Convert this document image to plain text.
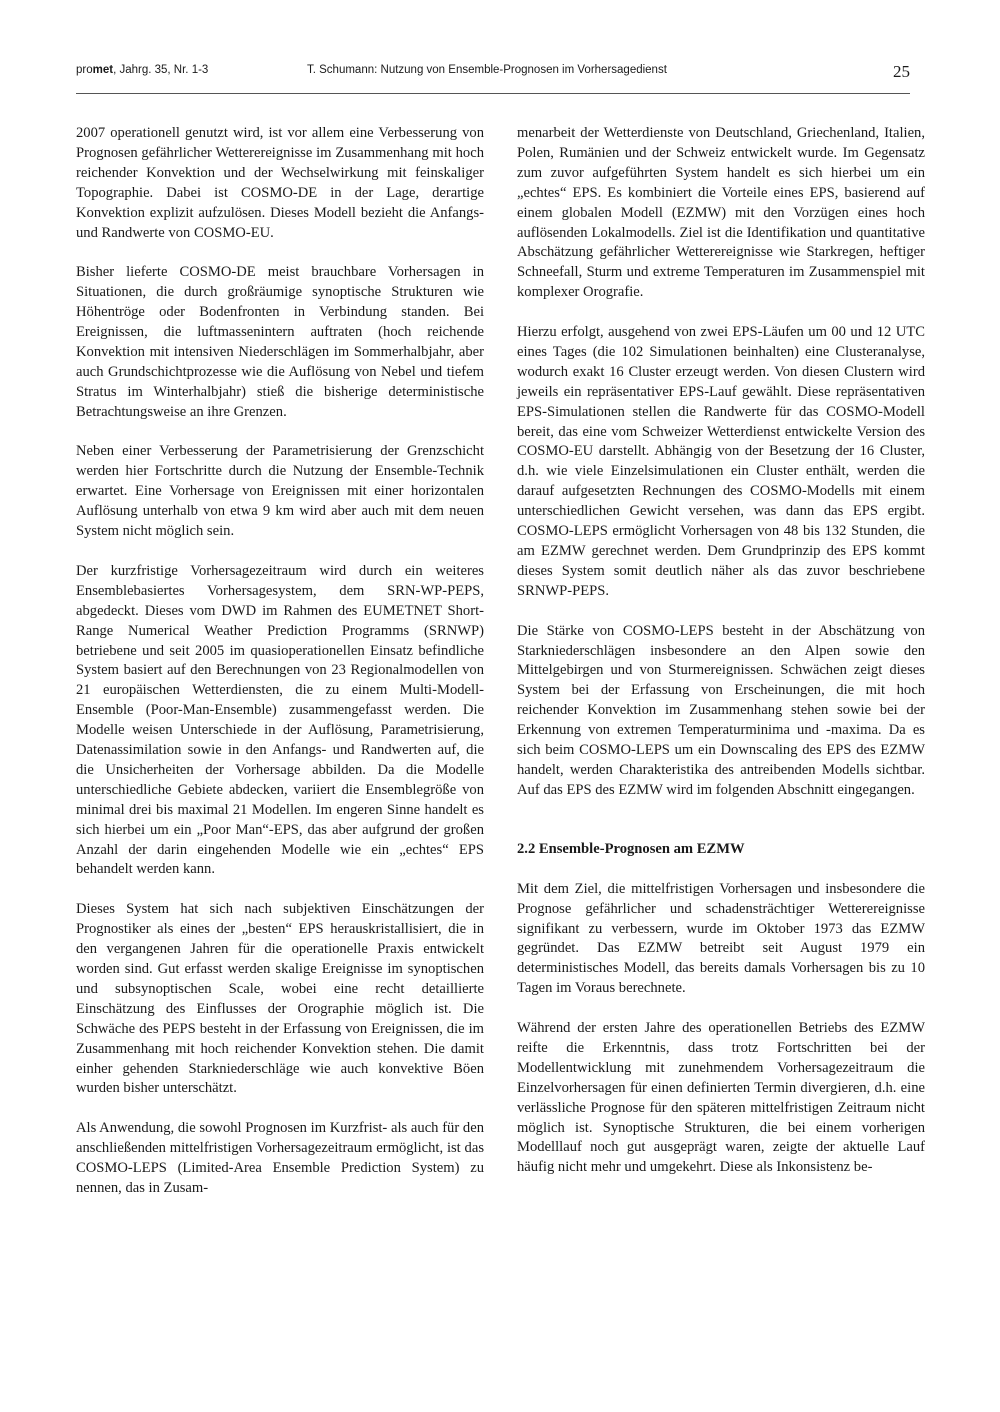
promet, Jahrg. 35, Nr. 1-3	T. Schumann: Nutzung von Ensemble-Prognosen im Vorhersagedienst	25

2007 operationell genutzt wird, ist vor allem eine Verbesserung von Prognosen gefährlicher Wetterereignisse im Zusammenhang mit hoch reichender Konvektion und der Wechselwirkung mit feinskaliger Topographie. Dabei ist COSMO-DE in der Lage, derartige Konvektion explizit aufzulösen. Dieses Modell bezieht die Anfangs- und Randwerte von COSMO-EU.

Bisher lieferte COSMO-DE meist brauchbare Vorhersagen in Situationen, die durch großräumige synoptische Strukturen wie Höhentröge oder Bodenfronten in Verbindung standen. Bei Ereignissen, die luftmassenintern auftraten (hoch reichende Konvektion mit intensiven Niederschlägen im Sommerhalbjahr, aber auch Grundschichtprozesse wie die Auflösung von Nebel und tiefem Stratus im Winterhalbjahr) stieß die bisherige deterministische Betrachtungsweise an ihre Grenzen.

Neben einer Verbesserung der Parametrisierung der Grenzschicht werden hier Fortschritte durch die Nutzung der Ensemble-Technik erwartet. Eine Vorhersage von Ereignissen mit einer horizontalen Auflösung unterhalb von etwa 9 km wird aber auch mit dem neuen System nicht möglich sein.

Der kurzfristige Vorhersagezeitraum wird durch ein weiteres Ensemblebasiertes Vorhersagesystem, dem SRN-WP-PEPS, abgedeckt. Dieses vom DWD im Rahmen des EUMETNET Short-Range Numerical Weather Prediction Programms (SRNWP) betriebene und seit 2005 im quasioperationellen Einsatz befindliche System basiert auf den Berechnungen von 23 Regionalmodellen von 21 europäischen Wetterdiensten, die zu einem Multi-Modell-Ensemble (Poor-Man-Ensemble) zusammengefasst werden. Die Modelle weisen Unterschiede in der Auflösung, Parametrisierung, Datenassimilation sowie in den Anfangs- und Randwerten auf, die die Unsicherheiten der Vorhersage abbilden. Da die Modelle unterschiedliche Gebiete abdecken, variiert die Ensemblegröße von minimal drei bis maximal 21 Modellen. Im engeren Sinne handelt es sich hierbei um ein „Poor Man“-EPS, das aber aufgrund der großen Anzahl der darin eingehenden Modelle wie ein „echtes“ EPS behandelt werden kann.

Dieses System hat sich nach subjektiven Einschätzungen der Prognostiker als eines der „besten“ EPS herauskristallisiert, die in den vergangenen Jahren für die operationelle Praxis entwickelt worden sind. Gut erfasst werden skalige Ereignisse im synoptischen und subsynoptischen Scale, wobei eine recht detaillierte Einschätzung des Einflusses der Orographie möglich ist. Die Schwäche des PEPS besteht in der Erfassung von Ereignissen, die im Zusammenhang mit hoch reichender Konvektion stehen. Die damit einher gehenden Starkniederschläge wie auch konvektive Böen wurden bisher unterschätzt.

Als Anwendung, die sowohl Prognosen im Kurzfrist- als auch für den anschließenden mittelfristigen Vorhersagezeitraum ermöglicht, ist das COSMO-LEPS (Limited-Area Ensemble Prediction System) zu nennen, das in Zusam-

menarbeit der Wetterdienste von Deutschland, Griechenland, Italien, Polen, Rumänien und der Schweiz entwickelt wurde. Im Gegensatz zum zuvor aufgeführten System handelt es sich hierbei um ein „echtes“ EPS. Es kombiniert die Vorteile eines EPS, basierend auf einem globalen Modell (EZMW) mit den Vorzügen eines hoch auflösenden Lokalmodells. Ziel ist die Identifikation und quantitative Abschätzung gefährlicher Wetterereignisse wie Starkregen, heftiger Schneefall, Sturm und extreme Temperaturen im Zusammenspiel mit komplexer Orografie.

Hierzu erfolgt, ausgehend von zwei EPS-Läufen um 00 und 12 UTC eines Tages (die 102 Simulationen beinhalten) eine Clusteranalyse, wodurch exakt 16 Cluster erzeugt werden. Von diesen Clustern wird jeweils ein repräsentativer EPS-Lauf gewählt. Diese repräsentativen EPS-Simulationen stellen die Randwerte für das COSMO-Modell bereit, das eine vom Schweizer Wetterdienst entwickelte Version des COSMO-EU darstellt. Abhängig von der Besetzung der 16 Cluster, d.h. wie viele Einzelsimulationen ein Cluster enthält, werden die darauf aufgesetzten Rechnungen des COSMO-Modells mit einem unterschiedlichen Gewicht versehen, was dann das EPS ergibt. COSMO-LEPS ermöglicht Vorhersagen von 48 bis 132 Stunden, die am EZMW gerechnet werden. Dem Grundprinzip des EPS kommt dieses System somit deutlich näher als das zuvor beschriebene SRNWP-PEPS.

Die Stärke von COSMO-LEPS besteht in der Abschätzung von Starkniederschlägen insbesondere an den Alpen sowie den Mittelgebirgen und von Sturmereignissen. Schwächen zeigt dieses System bei der Erfassung von Erscheinungen, die mit hoch reichender Konvektion im Zusammenhang stehen sowie bei der Erkennung von extremen Temperaturminima und -maxima. Da es sich beim COSMO-LEPS um ein Downscaling des EPS des EZMW handelt, werden Charakteristika des antreibenden Modells sichtbar. Auf das EPS des EZMW wird im folgenden Abschnitt eingegangen.

2.2 Ensemble-Prognosen am EZMW

Mit dem Ziel, die mittelfristigen Vorhersagen und insbesondere die Prognose gefährlicher und schadensträchtiger Wetterereignisse signifikant zu verbessern, wurde im Oktober 1973 das EZMW gegründet. Das EZMW betreibt seit August 1979 ein deterministisches Modell, das bereits damals Vorhersagen bis zu 10 Tagen im Voraus berechnete.

Während der ersten Jahre des operationellen Betriebs des EZMW reifte die Erkenntnis, dass trotz Fortschritten bei der Modellentwicklung mit zunehmendem Vorhersagezeitraum die Einzelvorhersagen für einen definierten Termin divergieren, d.h. eine verlässliche Prognose für den späteren mittelfristigen Zeitraum nicht möglich ist. Synoptische Strukturen, die bei einem vorherigen Modelllauf noch gut ausgeprägt waren, zeigte der aktuelle Lauf häufig nicht mehr und umgekehrt. Diese als Inkonsistenz be-
